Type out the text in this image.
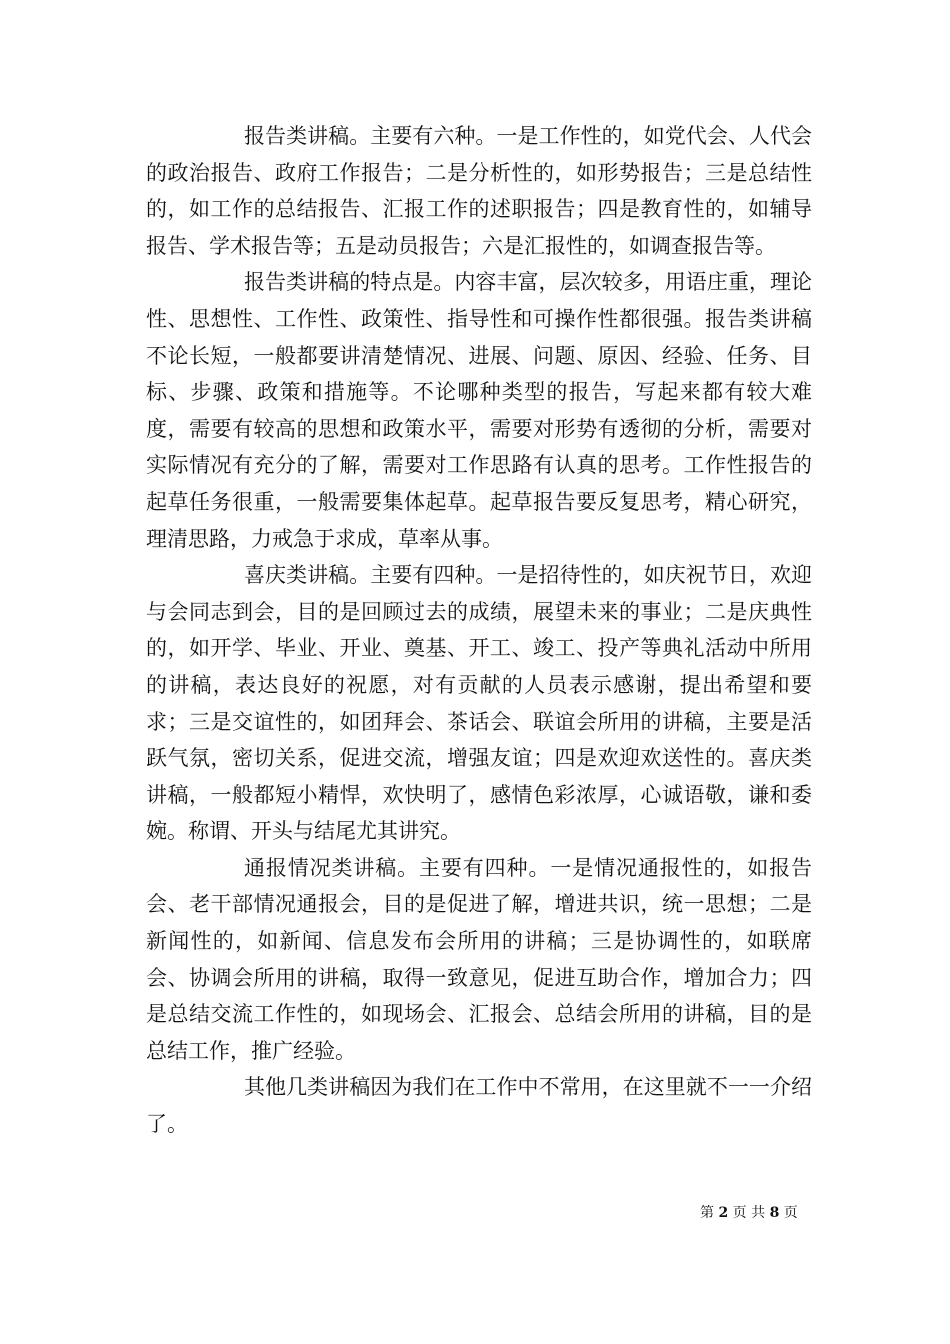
报告类讲稿。主要有六种。一是工作性的，如党代会、人代会的政治报告、政府工作报告；二是分析性的，如形势报告；三是总结性的，如工作的总结报告、汇报工作的述职报告；四是教育性的，如辅导报告、学术报告等；五是动员报告；六是汇报性的，如调查报告等。

报告类讲稿的特点是。内容丰富，层次较多，用语庄重，理论性、思想性、工作性、政策性、指导性和可操作性都很强。报告类讲稿不论长短，一般都要讲清楚情况、进展、问题、原因、经验、任务、目标、步骤、政策和措施等。不论哪种类型的报告，写起来都有较大难度，需要有较高的思想和政策水平，需要对形势有透彻的分析，需要对实际情况有充分的了解，需要对工作思路有认真的思考。工作性报告的起草任务很重，一般需要集体起草。起草报告要反复思考，精心研究，理清思路，力戒急于求成，草率从事。

喜庆类讲稿。主要有四种。一是招待性的，如庆祝节日，欢迎与会同志到会，目的是回顾过去的成绩，展望未来的事业；二是庆典性的，如开学、毕业、开业、奠基、开工、竣工、投产等典礼活动中所用的讲稿，表达良好的祝愿，对有贡献的人员表示感谢，提出希望和要求；三是交谊性的，如团拜会、茶话会、联谊会所用的讲稿，主要是活跃气氛，密切关系，促进交流，增强友谊；四是欢迎欢送性的。喜庆类讲稿，一般都短小精悍，欢快明了，感情色彩浓厚，心诚语敬，谦和委婉。称谓、开头与结尾尤其讲究。

通报情况类讲稿。主要有四种。一是情况通报性的，如报告会、老干部情况通报会，目的是促进了解，增进共识，统一思想；二是新闻性的，如新闻、信息发布会所用的讲稿；三是协调性的，如联席会、协调会所用的讲稿，取得一致意见，促进互助合作，增加合力；四是总结交流工作性的，如现场会、汇报会、总结会所用的讲稿，目的是总结工作，推广经验。

其他几类讲稿因为我们在工作中不常用，在这里就不一一介绍了。

第 2 页 共 8 页
